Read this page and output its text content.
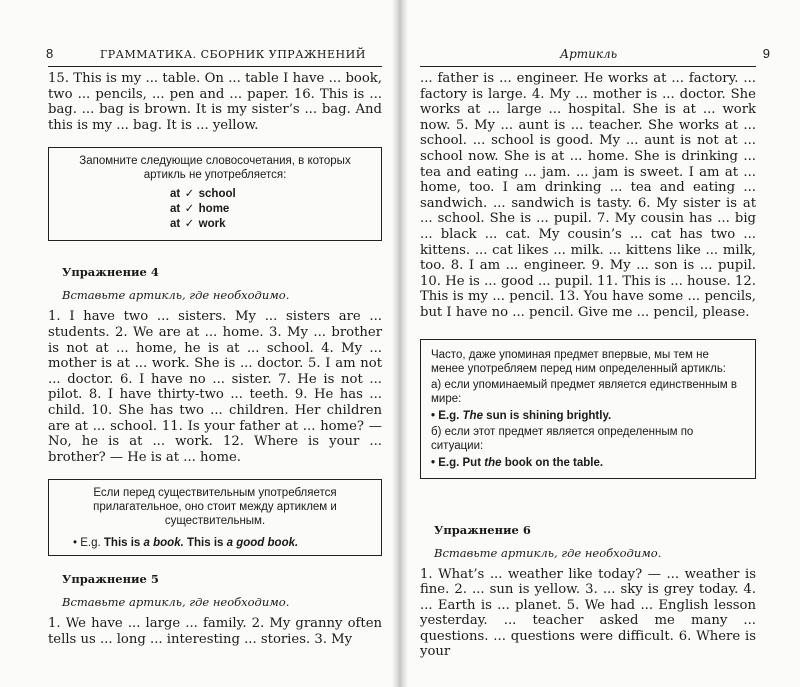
8	ГРАММАТИКА. СБОРНИК УПРАЖНЕНИЙ

15. This is my ... table. On ... table I have ... book, two ... pencils, ... pen and ... paper. 16. This is ... bag. ... bag is brown. It is my sister’s ... bag. And this is my ... bag. It is ... yellow.

Запомните следующие словосочетания, в которых артикль не употребляется:
at ✓ school
at ✓ home
at ✓ work
Упражнение 4
Вставьте артикль, где необходимо.

1. I have two ... sisters. My ... sisters are ... students. 2. We are at ... home. 3. My ... brother is not at ... home, he is at ... school. 4. My ... mother is at ... work. She is ... doctor. 5. I am not ... doctor. 6. I have no ... sister. 7. He is not ... pilot. 8. I have thirty-two ... teeth. 9. He has ... child. 10. She has two ... children. Her children are at ... school. 11. Is your father at ... home? — No, he is at ... work. 12. Where is your ... brother? — He is at ... home.

Если перед существительным употребляется прилагательное, оно стоит между артиклем и существительным.
• E.g. This is a book. This is a good book.
Упражнение 5
Вставьте артикль, где необходимо.

1. We have ... large ... family. 2. My granny often tells us ... long ... interesting ... stories. 3. My

Артикль	9

... father is ... engineer. He works at ... factory. ... factory is large. 4. My ... mother is ... doctor. She works at ... large ... hospital. She is at ... work now. 5. My ... aunt is ... teacher. She works at ... school. ... school is good. My ... aunt is not at ... school now. She is at ... home. She is drinking ... tea and eating ... jam. ... jam is sweet. I am at ... home, too. I am drinking ... tea and eating ... sandwich. ... sandwich is tasty. 6. My sister is at ... school. She is ... pupil. 7. My cousin has ... big ... black ... cat. My cousin’s ... cat has two ... kittens. ... cat likes ... milk. ... kittens like ... milk, too. 8. I am ... engineer. 9. My ... son is ... pupil. 10. He is ... good ... pupil. 11. This is ... house. 12. This is my ... pencil. 13. You have some ... pencils, but I have no ... pencil. Give me ... pencil, please.

Часто, даже упоминая предмет впервые, мы тем не менее употребляем перед ним определенный артикль:
а) если упоминаемый предмет является единственным в мире:
• E.g. The sun is shining brightly.
б) если этот предмет является определенным по ситуации:
• E.g. Put the book on the table.
Упражнение 6
Вставьте артикль, где необходимо.

1. What’s ... weather like today? — ... weather is fine. 2. ... sun is yellow. 3. ... sky is grey today. 4. ... Earth is ... planet. 5. We had ... English lesson yesterday. ... teacher asked me many ... questions. ... questions were difficult. 6. Where is your
